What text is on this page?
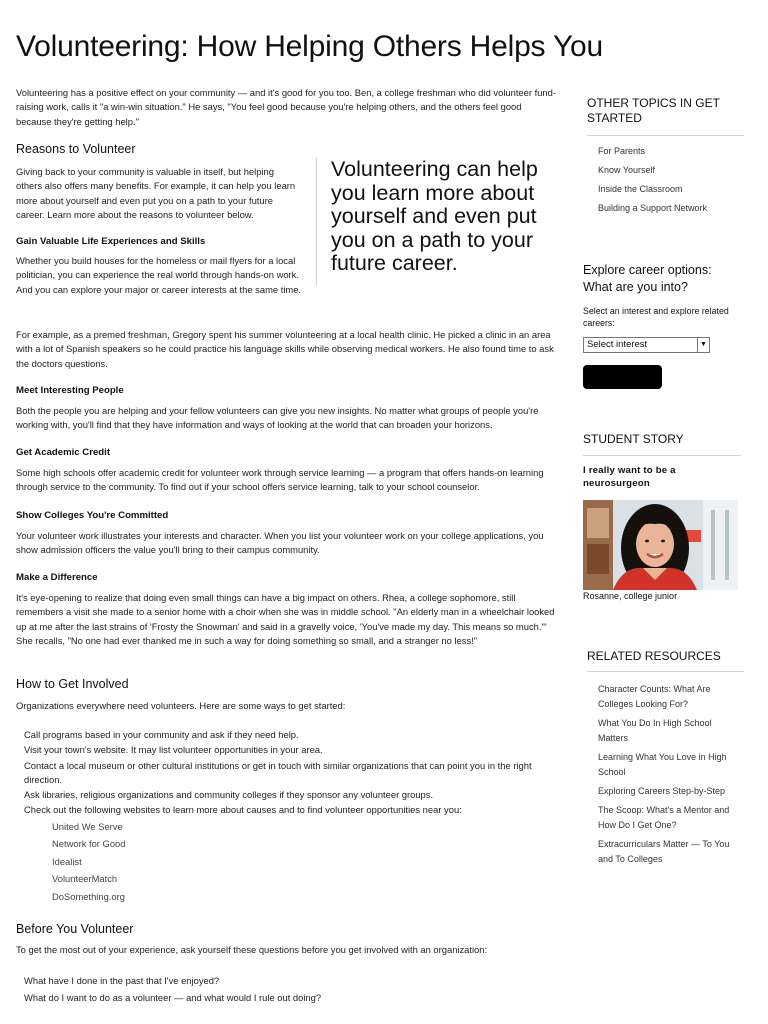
Volunteering: How Helping Others Helps You

Volunteering has a positive effect on your community — and it's good for you too. Ben, a college freshman who did volunteer fund-raising work, calls it "a win-win situation." He says, "You feel good because you're helping others, and the others feel good because they're getting help."

Reasons to Volunteer

Giving back to your community is valuable in itself, but helping others also offers many benefits. For example, it can help you learn more about yourself and even put you on a path to your future career. Learn more about the reasons to volunteer below.

Gain Valuable Life Experiences and Skills

Whether you build houses for the homeless or mail flyers for a local politician, you can experience the real world through hands-on work. And you can explore your major or career interests at the same time.

For example, as a premed freshman, Gregory spent his summer volunteering at a local health clinic. He picked a clinic in an area with a lot of Spanish speakers so he could practice his language skills while observing medical workers. He also found time to ask the doctors questions.

Meet Interesting People

Both the people you are helping and your fellow volunteers can give you new insights. No matter what groups of people you're working with, you'll find that they have information and ways of looking at the world that can broaden your horizons.

Get Academic Credit

Some high schools offer academic credit for volunteer work through service learning — a program that offers hands-on learning through service to the community. To find out if your school offers service learning, talk to your school counselor.

Show Colleges You're Committed

Your volunteer work illustrates your interests and character. When you list your volunteer work on your college applications, you show admission officers the value you'll bring to their campus community.

Make a Difference

It's eye-opening to realize that doing even small things can have a big impact on others. Rhea, a college sophomore, still remembers a visit she made to a senior home with a choir when she was in middle school. "An elderly man in a wheelchair looked up at me after the last strains of 'Frosty the Snowman' and said in a gravelly voice, 'You've made my day. This means so much.'" She recalls, "No one had ever thanked me in such a way for doing something so small, and a stranger no less!"

How to Get Involved

Organizations everywhere need volunteers. Here are some ways to get started:

Call programs based in your community and ask if they need help.
Visit your town's website. It may list volunteer opportunities in your area.
Contact a local museum or other cultural institutions or get in touch with similar organizations that can point you in the right direction.
Ask libraries, religious organizations and community colleges if they sponsor any volunteer groups.
Check out the following websites to learn more about causes and to find volunteer opportunities near you:
United We Serve
Network for Good
Idealist
VolunteerMatch
DoSomething.org
Before You Volunteer

To get the most out of your experience, ask yourself these questions before you get involved with an organization:

What have I done in the past that I've enjoyed?
What do I want to do as a volunteer — and what would I rule out doing?
Volunteering can help you learn more about yourself and even put you on a path to your future career.
OTHER TOPICS IN GET STARTED
For Parents
Know Yourself
Inside the Classroom
Building a Support Network
Explore career options: What are you into?
Select an interest and explore related careers:
Select interest	▼
STUDENT STORY
I really want to be a neurosurgeon
Rosanne, college junior
RELATED RESOURCES
Character Counts: What Are Colleges Looking For?
What You Do In High School Matters
Learning What You Love in High School
Exploring Careers Step-by-Step
The Scoop: What's a Mentor and How Do I Get One?
Extracurriculars Matter — To You and To Colleges
